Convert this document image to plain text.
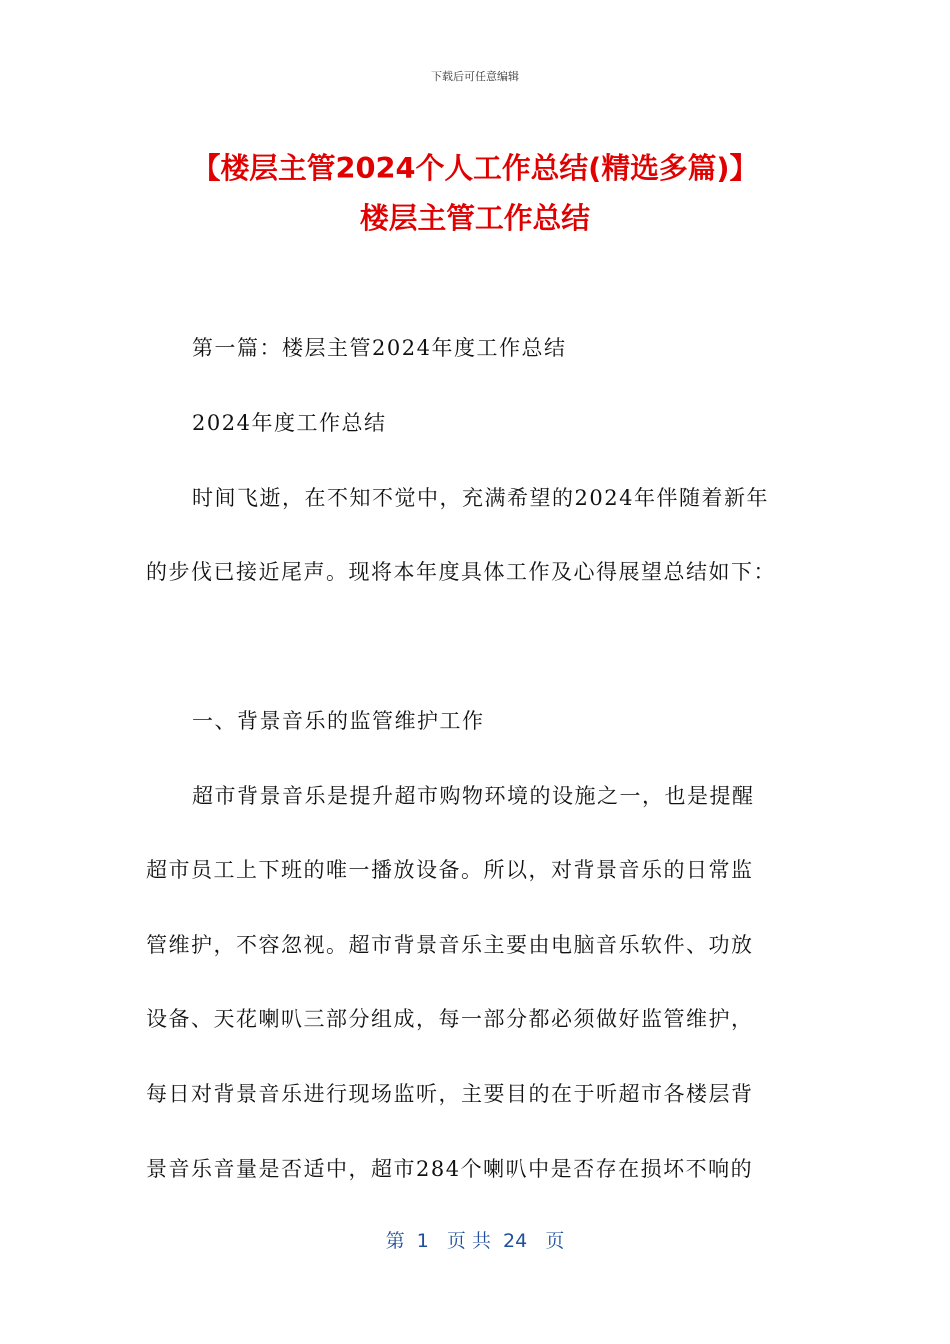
下载后可任意编辑
【楼层主管2024个人工作总结(精选多篇)】
楼层主管工作总结
第一篇：楼层主管2024年度工作总结
2024年度工作总结
时间飞逝，在不知不觉中，充满希望的2024年伴随着新年
的步伐已接近尾声。现将本年度具体工作及心得展望总结如下：
一、背景音乐的监管维护工作
超市背景音乐是提升超市购物环境的设施之一，也是提醒
超市员工上下班的唯一播放设备。所以，对背景音乐的日常监
管维护，不容忽视。超市背景音乐主要由电脑音乐软件、功放
设备、天花喇叭三部分组成，每一部分都必须做好监管维护，
每日对背景音乐进行现场监听，主要目的在于听超市各楼层背
景音乐音量是否适中，超市284个喇叭中是否存在损坏不响的
第  1   页 共  24   页
